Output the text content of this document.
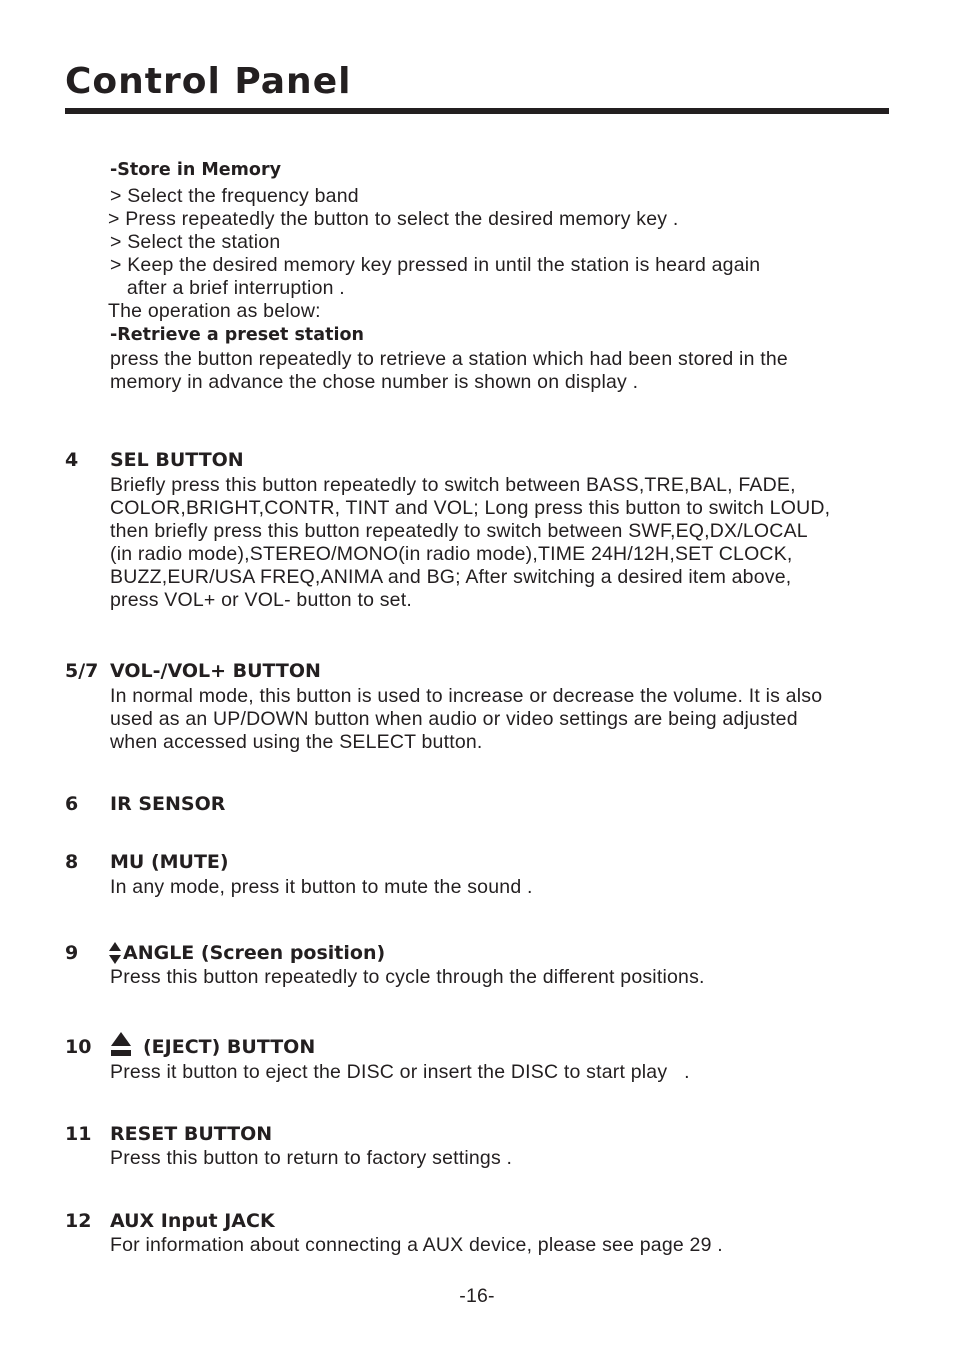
Control Panel
-Store in Memory
> Select the frequency band
> Press repeatedly the button to select the desired memory key .
> Select the station
> Keep the desired memory key pressed in until the station is heard again
after a brief interruption .
The operation as below:
-Retrieve a preset station
press the button repeatedly to retrieve a station which had been stored in the
memory in advance the chose number is shown on display .
4 SEL BUTTON
Briefly press this button repeatedly to switch between BASS,TRE,BAL, FADE,
COLOR,BRIGHT,CONTR, TINT and VOL; Long press this button to switch LOUD,
then briefly press this button repeatedly to switch between SWF,EQ,DX/LOCAL
(in radio mode),STEREO/MONO(in radio mode),TIME 24H/12H,SET CLOCK,
BUZZ,EUR/USA FREQ,ANIMA and BG; After switching a desired item above,
press VOL+ or VOL- button to set.
5/7 VOL-/VOL+ BUTTON
In normal mode, this button is used to increase or decrease the volume. It is also
used as an UP/DOWN button when audio or video settings are being adjusted
when accessed using the SELECT button.
6 IR SENSOR
8 MU (MUTE)
In any mode, press it button to mute the sound .
9 ANGLE (Screen position)
Press this button repeatedly to cycle through the different positions.
10	(EJECT) BUTTON
Press it button to eject the DISC or insert the DISC to start play   .
11 RESET BUTTON
Press this button to return to factory settings .
12 AUX Input JACK
For information about connecting a AUX device, please see page 29 .
-16-
